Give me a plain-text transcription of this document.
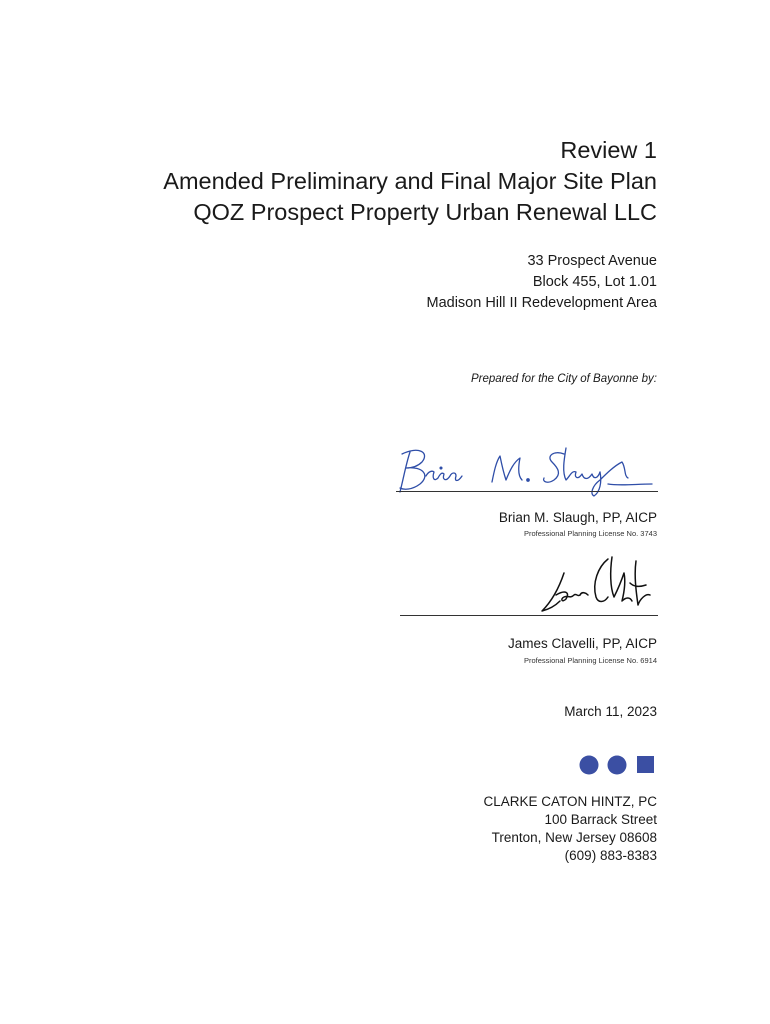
Review 1
Amended Preliminary and Final Major Site Plan
QOZ Prospect Property Urban Renewal LLC
33 Prospect Avenue
Block 455, Lot 1.01
Madison Hill II Redevelopment Area
Prepared for the City of Bayonne by:
Brian M. Slaugh, PP, AICP
Professional Planning License No. 3743
James Clavelli, PP, AICP
Professional Planning License No. 6914
March 11, 2023
CLARKE CATON HINTZ, PC
100 Barrack Street
Trenton, New Jersey 08608
(609) 883-8383
